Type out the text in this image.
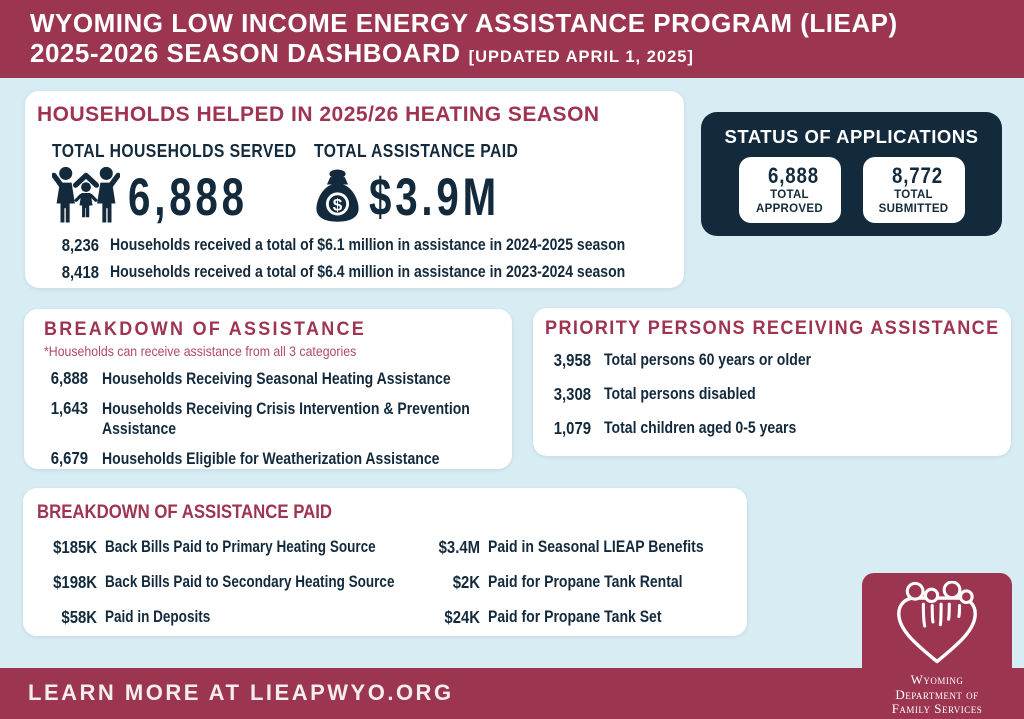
WYOMING LOW INCOME ENERGY ASSISTANCE PROGRAM (LIEAP)
2025-2026 SEASON DASHBOARD [UPDATED APRIL 1, 2025]
HOUSEHOLDS HELPED IN 2025/26 HEATING SEASON
TOTAL HOUSEHOLDS SERVED
6,888
TOTAL ASSISTANCE PAID
$ $3.9M
8,236 Households received a total of $6.1 million in assistance in 2024-2025 season
8,418 Households received a total of $6.4 million in assistance in 2023-2024 season
STATUS OF APPLICATIONS
6,888
TOTAL
APPROVED
8,772
TOTAL
SUBMITTED
BREAKDOWN OF ASSISTANCE
*Households can receive assistance from all 3 categories
6,888 Households Receiving Seasonal Heating Assistance
1,643 Households Receiving Crisis Intervention & Prevention
Assistance
6,679 Households Eligible for Weatherization Assistance
PRIORITY PERSONS RECEIVING ASSISTANCE
3,958 Total persons 60 years or older
3,308 Total persons disabled
1,079 Total children aged 0-5 years
BREAKDOWN OF ASSISTANCE PAID
$185K Back Bills Paid to Primary Heating Source	$3.4M Paid in Seasonal LIEAP Benefits
$198K Back Bills Paid to Secondary Heating Source	$2K Paid for Propane Tank Rental
$58K Paid in Deposits	$24K Paid for Propane Tank Set
LEARN MORE AT LIEAPWYO.ORG
Wyoming
Department of
Family Services
